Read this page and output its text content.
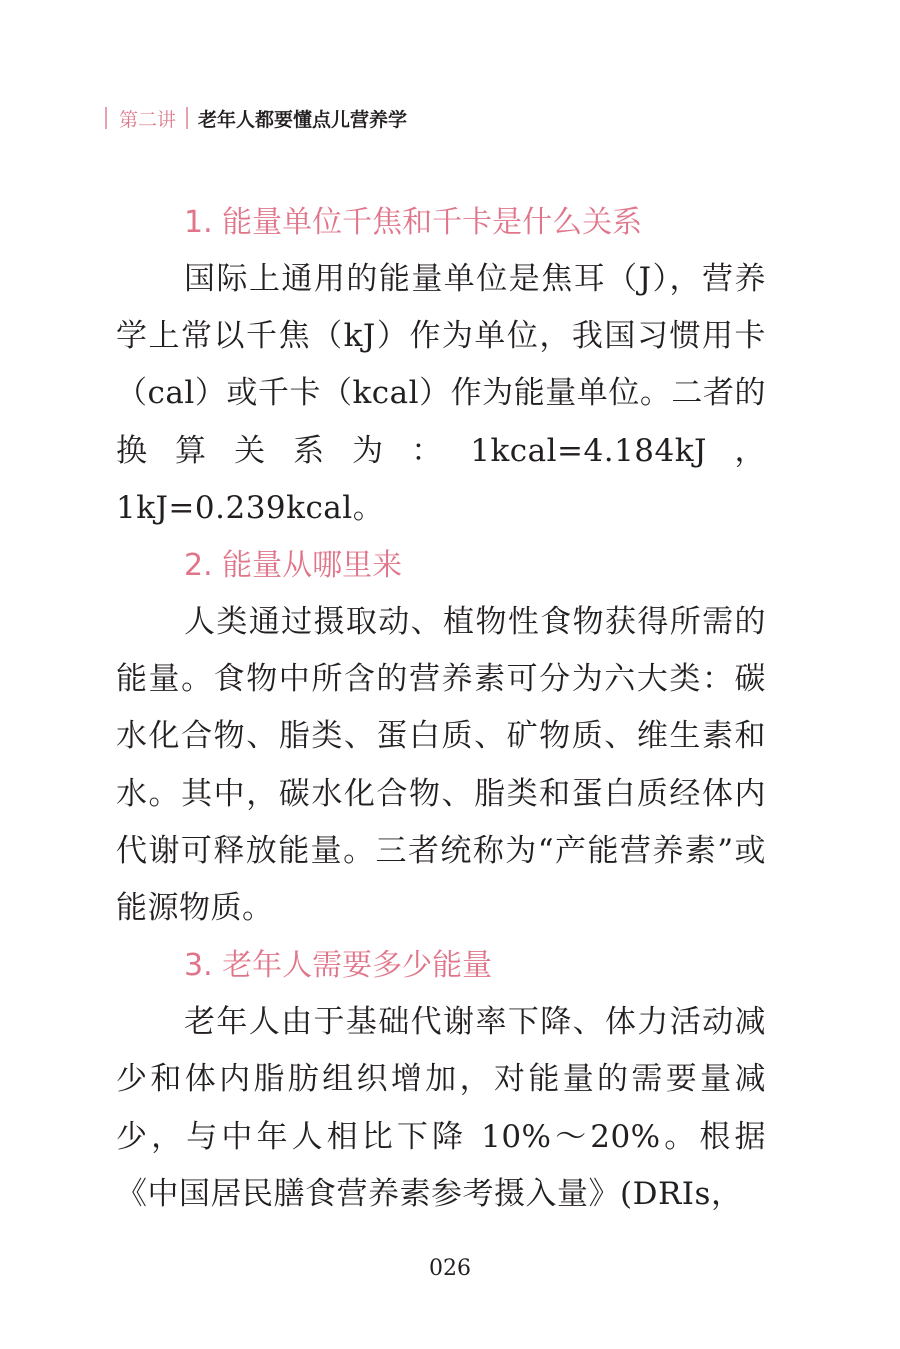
第二讲 老年人都要懂点儿营养学
1. 能量单位千焦和千卡是什么关系

国际上通用的能量单位是焦耳（J），营养学上常以千焦（kJ）作为单位，我国习惯用卡（cal）或千卡（kcal）作为能量单位。二者的换算关系为：1kcal=4.184kJ，1kJ=0.239kcal。

2. 能量从哪里来

人类通过摄取动、植物性食物获得所需的能量。食物中所含的营养素可分为六大类：碳水化合物、脂类、蛋白质、矿物质、维生素和水。其中，碳水化合物、脂类和蛋白质经体内代谢可释放能量。三者统称为“产能营养素”或能源物质。

3. 老年人需要多少能量

老年人由于基础代谢率下降、体力活动减少和体内脂肪组织增加，对能量的需要量减少，与中年人相比下降 10%～20%。根据《中国居民膳食营养素参考摄入量》(DRIs，

026
